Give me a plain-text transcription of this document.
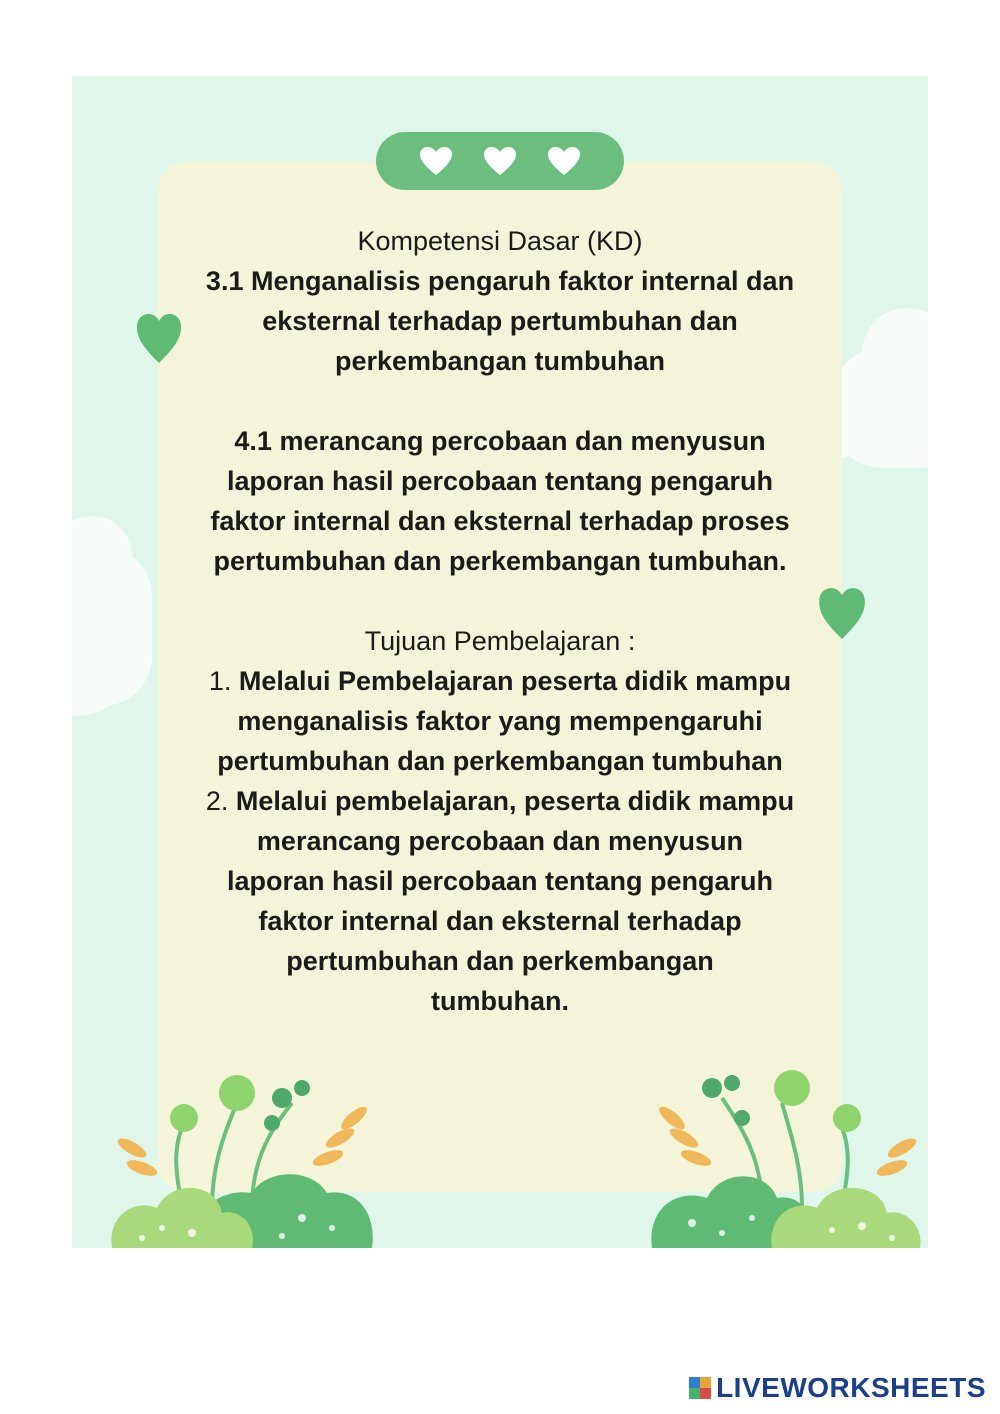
Kompetensi Dasar (KD)

3.1 Menganalisis pengaruh faktor internal dan

eksternal terhadap pertumbuhan dan

perkembangan tumbuhan

4.1 merancang percobaan dan menyusun

laporan hasil percobaan tentang pengaruh

faktor internal dan eksternal terhadap proses

pertumbuhan dan perkembangan tumbuhan.

Tujuan Pembelajaran :

1. Melalui Pembelajaran peserta didik mampu

menganalisis faktor yang mempengaruhi

pertumbuhan dan perkembangan tumbuhan

2. Melalui pembelajaran, peserta didik mampu

merancang percobaan dan menyusun

laporan hasil percobaan tentang pengaruh

faktor internal dan eksternal terhadap

pertumbuhan dan perkembangan

tumbuhan.

LIVEWORKSHEETS
